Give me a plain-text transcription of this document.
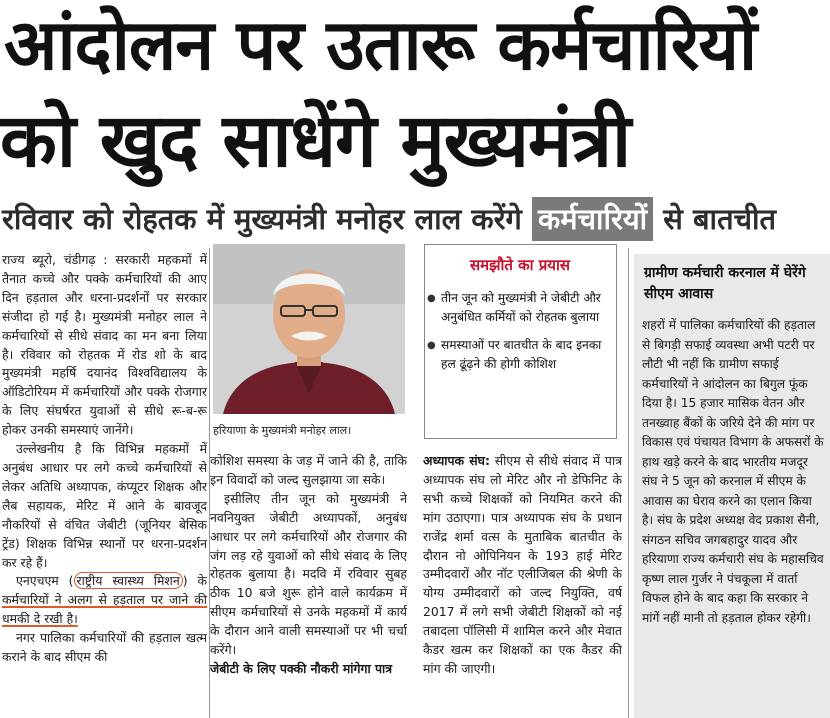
आंदोलन पर उतारू कर्मचारियों
को खुद साधेंगे मुख्यमंत्री
रविवार को रोहतक में मुख्यमंत्री मनोहर लाल करेंगे कर्मचारियों से बातचीत

राज्य ब्यूरो, चंडीगढ़ : सरकारी महकमों में तैनात कच्चे और पक्के कर्मचारियों की आए दिन हड़ताल और धरना-प्रदर्शनों पर सरकार संजीदा हो गई है। मुख्यमंत्री मनोहर लाल ने कर्मचारियों से सीधे संवाद का मन बना लिया है। रविवार को रोहतक में रोड शो के बाद मुख्यमंत्री महर्षि दयानंद विश्वविद्यालय के ऑडिटोरियम में कर्मचारियों और पक्के रोजगार के लिए संघर्षरत युवाओं से सीधे रू-ब-रू होकर उनकी समस्याएं जानेंगे।

उल्लेखनीय है कि विभिन्न महकमों में अनुबंध आधार पर लगे कच्चे कर्मचारियों से लेकर अतिथि अध्यापक, कंप्यूटर शिक्षक और लैब सहायक, मेरिट में आने के बावजूद नौकरियों से वंचित जेबीटी (जूनियर बेसिक ट्रेंड) शिक्षक विभिन्न स्थानों पर धरना-प्रदर्शन कर रहे हैं।

एनएचएम ( राष्ट्रीय स्वास्थ्य मिशन ) के कर्मचारियों ने अलग से हड़ताल पर जाने की धमकी दे रखी है।

नगर पालिका कर्मचारियों की हड़ताल खत्म कराने के बाद सीएम की

हरियाणा के मुख्यमंत्री मनोहर लाल।
समझौते का प्रयास
● तीन जून को मुख्यमंत्री ने जेबीटी और अनुबंधित कर्मियों को रोहतक बुलाया
● समस्याओं पर बातचीत के बाद इनका हल ढूंढ़ने की होगी कोशिश

कोशिश समस्या के जड़ में जाने की है, ताकि इन विवादों को जल्द सुलझाया जा सके।

इसीलिए तीन जून को मुख्यमंत्री ने नवनियुक्त जेबीटी अध्यापकों, अनुबंध आधार पर लगे कर्मचारियों और रोजगार की जंग लड़ रहे युवाओं को सीधे संवाद के लिए रोहतक बुलाया है। मदवि में रविवार सुबह ठीक 10 बजे शुरू होने वाले कार्यक्रम में सीएम कर्मचारियों से उनके महकमों में कार्य के दौरान आने वाली समस्याओं पर भी चर्चा करेंगे।

जेबीटी के लिए पक्की नौकरी मांगेगा पात्र

अध्यापक संघ: सीएम से सीधे संवाद में पात्र अध्यापक संघ लो मेरिट और नो डेफिनिट के सभी कच्चे शिक्षकों को नियमित करने की मांग उठाएगा। पात्र अध्यापक संघ के प्रधान राजेंद्र शर्मा वत्स के मुताबिक बातचीत के दौरान नो ओपिनियन के 193 हाई मेरिट उम्मीदवारों और नॉट एलीजिबल की श्रेणी के योग्य उम्मीदवारों को जल्द नियुक्ति, वर्ष 2017 में लगे सभी जेबीटी शिक्षकों को नई तबादला पॉलिसी में शामिल करने और मेवात कैडर खत्म कर शिक्षकों का एक कैडर की मांग की जाएगी।

ग्रामीण कर्मचारी करनाल में घेरेंगे सीएम आवास
शहरों में पालिका कर्मचारियों की हड़ताल से बिगड़ी सफाई व्यवस्था अभी पटरी पर लौटी भी नहीं कि ग्रामीण सफाई कर्मचारियों ने आंदोलन का बिगुल फूंक दिया है। 15 हजार मासिक वेतन और तनख्वाह बैंकों के जरिये देने की मांग पर विकास एवं पंचायत विभाग के अफसरों के हाथ खड़े करने के बाद भारतीय मजदूर संघ ने 5 जून को करनाल में सीएम के आवास का घेराव करने का एलान किया है। संघ के प्रदेश अध्यक्ष वेद प्रकाश सैनी, संगठन सचिव जगबहादुर यादव और हरियाणा राज्य कर्मचारी संघ के महासचिव कृष्ण लाल गुर्जर ने पंचकूला में वार्ता विफल होने के बाद कहा कि सरकार ने मांगें नहीं मानी तो हड़ताल होकर रहेगी।
